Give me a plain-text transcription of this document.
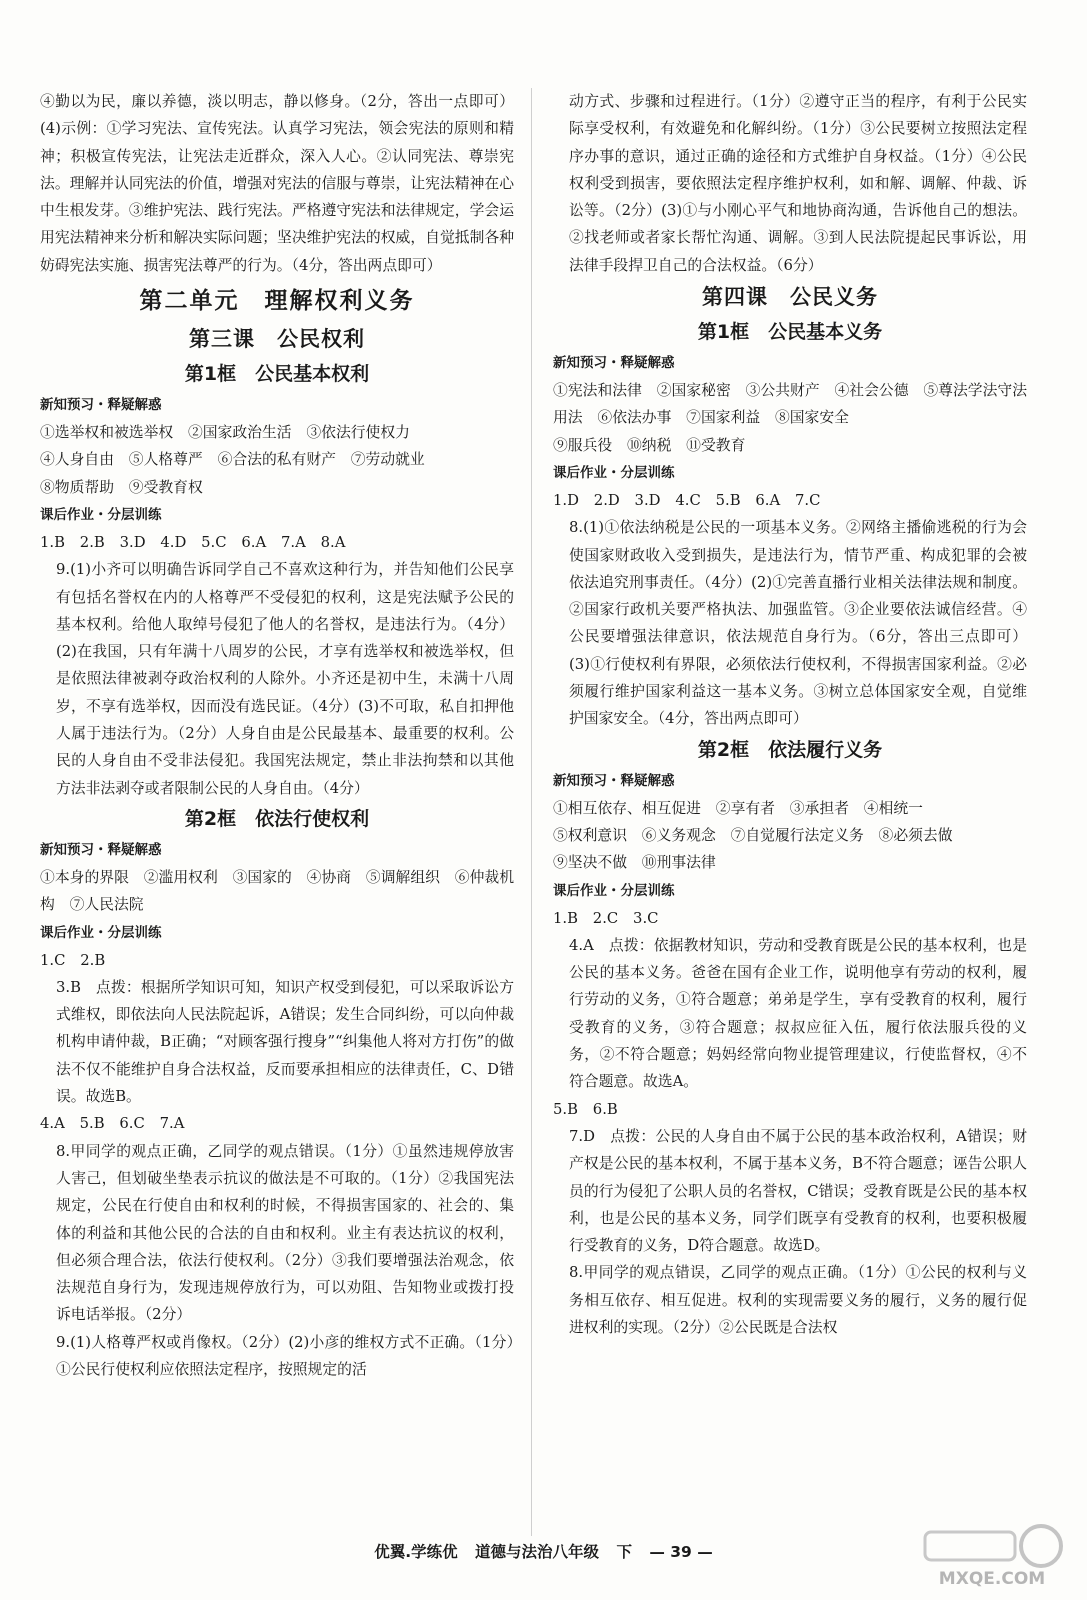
④勤以为民，廉以养德，淡以明志，静以修身。（2分，答出一点即可）(4)示例：①学习宪法、宣传宪法。认真学习宪法，领会宪法的原则和精神；积极宣传宪法，让宪法走近群众，深入人心。②认同宪法、尊崇宪法。理解并认同宪法的价值，增强对宪法的信服与尊崇，让宪法精神在心中生根发芽。③维护宪法、践行宪法。严格遵守宪法和法律规定，学会运用宪法精神来分析和解决实际问题；坚决维护宪法的权威，自觉抵制各种妨碍宪法实施、损害宪法尊严的行为。（4分，答出两点即可）

第二单元　理解权利义务
第三课　公民权利
第1框　公民基本权利
新知预习・释疑解惑

①选举权和被选举权　②国家政治生活　③依法行使权力

④人身自由　⑤人格尊严　⑥合法的私有财产　⑦劳动就业

⑧物质帮助　⑨受教育权

课后作业・分层训练

1.B　2.B　3.D　4.D　5.C　6.A　7.A　8.A

9.(1)小齐可以明确告诉同学自己不喜欢这种行为，并告知他们公民享有包括名誉权在内的人格尊严不受侵犯的权利，这是宪法赋予公民的基本权利。给他人取绰号侵犯了他人的名誉权，是违法行为。（4分）(2)在我国，只有年满十八周岁的公民，才享有选举权和被选举权，但是依照法律被剥夺政治权利的人除外。小齐还是初中生，未满十八周岁，不享有选举权，因而没有选民证。（4分）(3)不可取，私自扣押他人属于违法行为。（2分）人身自由是公民最基本、最重要的权利。公民的人身自由不受非法侵犯。我国宪法规定，禁止非法拘禁和以其他方法非法剥夺或者限制公民的人身自由。（4分）

第2框　依法行使权利
新知预习・释疑解惑

①本身的界限　②滥用权利　③国家的　④协商　⑤调解组织　⑥仲裁机构　⑦人民法院

课后作业・分层训练

1.C　2.B

3.B　点拨：根据所学知识可知，知识产权受到侵犯，可以采取诉讼方式维权，即依法向人民法院起诉，A错误；发生合同纠纷，可以向仲裁机构申请仲裁，B正确；“对顾客强行搜身”“纠集他人将对方打伤”的做法不仅不能维护自身合法权益，反而要承担相应的法律责任，C、D错误。故选B。

4.A　5.B　6.C　7.A

8.甲同学的观点正确，乙同学的观点错误。（1分）①虽然违规停放害人害己，但划破坐垫表示抗议的做法是不可取的。（1分）②我国宪法规定，公民在行使自由和权利的时候，不得损害国家的、社会的、集体的利益和其他公民的合法的自由和权利。业主有表达抗议的权利，但必须合理合法，依法行使权利。（2分）③我们要增强法治观念，依法规范自身行为，发现违规停放行为，可以劝阻、告知物业或拨打投诉电话举报。（2分）

9.(1)人格尊严权或肖像权。（2分）(2)小彦的维权方式不正确。（1分）①公民行使权利应依照法定程序，按照规定的活

动方式、步骤和过程进行。（1分）②遵守正当的程序，有利于公民实际享受权利，有效避免和化解纠纷。（1分）③公民要树立按照法定程序办事的意识，通过正确的途径和方式维护自身权益。（1分）④公民权利受到损害，要依照法定程序维护权利，如和解、调解、仲裁、诉讼等。（2分）(3)①与小刚心平气和地协商沟通，告诉他自己的想法。②找老师或者家长帮忙沟通、调解。③到人民法院提起民事诉讼，用法律手段捍卫自己的合法权益。（6分）

第四课　公民义务
第1框　公民基本义务
新知预习・释疑解惑

①宪法和法律　②国家秘密　③公共财产　④社会公德　⑤尊法学法守法用法　⑥依法办事　⑦国家利益　⑧国家安全

⑨服兵役　⑩纳税　⑪受教育

课后作业・分层训练

1.D　2.D　3.D　4.C　5.B　6.A　7.C

8.(1)①依法纳税是公民的一项基本义务。②网络主播偷逃税的行为会使国家财政收入受到损失，是违法行为，情节严重、构成犯罪的会被依法追究刑事责任。（4分）(2)①完善直播行业相关法律法规和制度。②国家行政机关要严格执法、加强监管。③企业要依法诚信经营。④公民要增强法律意识，依法规范自身行为。（6分，答出三点即可）(3)①行使权利有界限，必须依法行使权利，不得损害国家利益。②必须履行维护国家利益这一基本义务。③树立总体国家安全观，自觉维护国家安全。（4分，答出两点即可）

第2框　依法履行义务
新知预习・释疑解惑

①相互依存、相互促进　②享有者　③承担者　④相统一

⑤权利意识　⑥义务观念　⑦自觉履行法定义务　⑧必须去做

⑨坚决不做　⑩刑事法律

课后作业・分层训练

1.B　2.C　3.C

4.A　点拨：依据教材知识，劳动和受教育既是公民的基本权利，也是公民的基本义务。爸爸在国有企业工作，说明他享有劳动的权利，履行劳动的义务，①符合题意；弟弟是学生，享有受教育的权利，履行受教育的义务，③符合题意；叔叔应征入伍，履行依法服兵役的义务，②不符合题意；妈妈经常向物业提管理建议，行使监督权，④不符合题意。故选A。

5.B　6.B

7.D　点拨：公民的人身自由不属于公民的基本政治权利，A错误；财产权是公民的基本权利，不属于基本义务，B不符合题意；诬告公职人员的行为侵犯了公职人员的名誉权，C错误；受教育既是公民的基本权利，也是公民的基本义务，同学们既享有受教育的权利，也要积极履行受教育的义务，D符合题意。故选D。

8.甲同学的观点错误，乙同学的观点正确。（1分）①公民的权利与义务相互依存、相互促进。权利的实现需要义务的履行，义务的履行促进权利的实现。（2分）②公民既是合法权

优翼.学练优 道德与法治八年级 下 — 39 —
MXQE.COM
